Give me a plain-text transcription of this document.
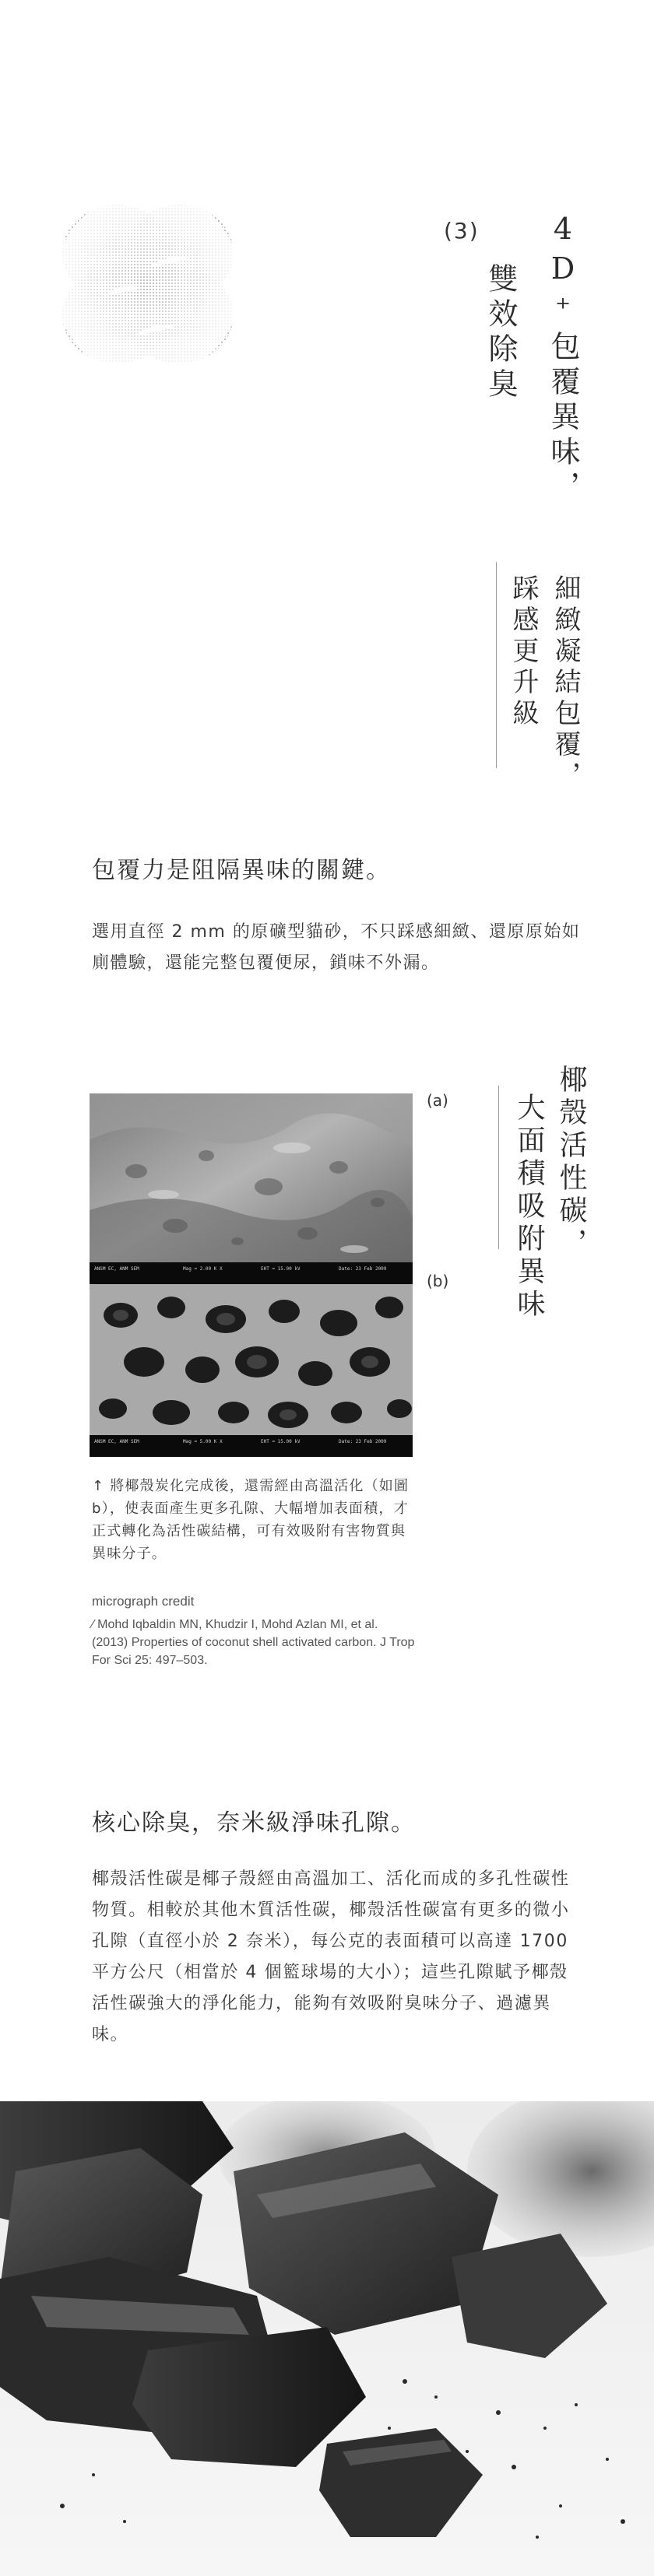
(3) 4D⁺包覆異味，
雙效除臭
細緻凝結包覆，
踩感更升級
包覆力是阻隔異味的關鍵。
選用直徑 2 mm 的原礦型貓砂，不只踩感細緻、還原原始如廁體驗，還能完整包覆便尿，鎖味不外漏。
ANSM EC, ANM SEM	Mag = 2.00 K X	EHT = 15.00 kV	Date: 23 Feb 2009
ANSM EC, ANM SEM	Mag = 5.00 K X	EHT = 15.00 kV	Date: 23 Feb 2009
(a)
(b)
椰殼活性碳，
大面積吸附異味
↑ 將椰殼炭化完成後，還需經由高溫活化（如圖b），使表面產生更多孔隙、大幅增加表面積，才正式轉化為活性碳結構，可有效吸附有害物質與異味分子。
micrograph credit
⁄ Mohd Iqbaldin MN, Khudzir I, Mohd Azlan MI, et al. (2013) Properties of coconut shell activated carbon. J Trop For Sci 25: 497–503.
核心除臭，奈米級淨味孔隙。
椰殼活性碳是椰子殼經由高溫加工、活化而成的多孔性碳性物質。相較於其他木質活性碳，椰殼活性碳富有更多的微小孔隙（直徑小於 2 奈米），每公克的表面積可以高達 1700 平方公尺（相當於 4 個籃球場的大小）；這些孔隙賦予椰殼活性碳強大的淨化能力，能夠有效吸附臭味分子、過濾異味。
